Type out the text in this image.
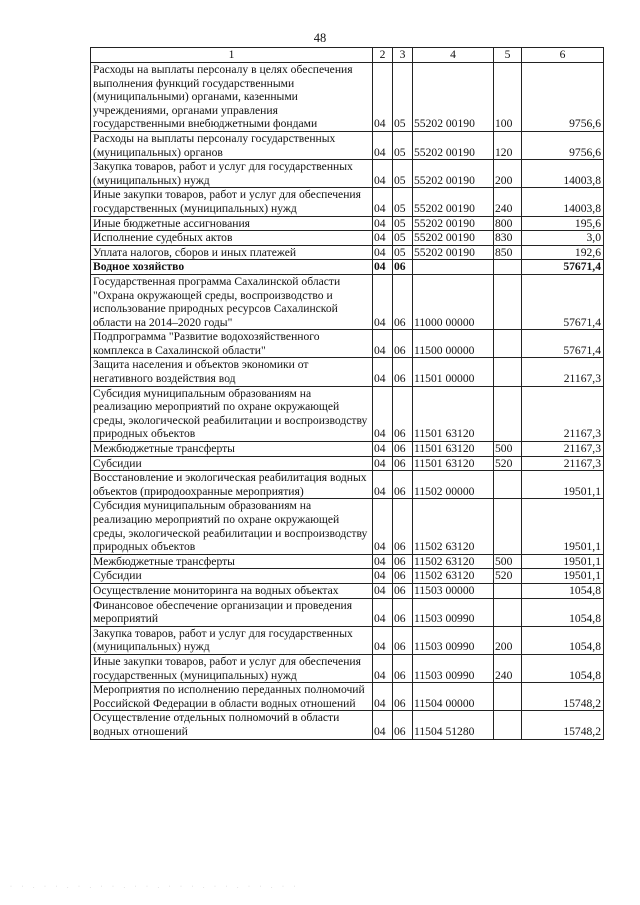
48
1	2	3	4	5	6
Расходы на выплаты персоналу в целях обеспечения выполнения функций государственными (муниципальными) органами, казенными учреждениями, органами управления государственными внебюджетными фондами	04	05	55202 00190	100	9756,6
Расходы на выплаты персоналу государственных (муниципальных) органов	04	05	55202 00190	120	9756,6
Закупка товаров, работ и услуг для государственных (муниципальных) нужд	04	05	55202 00190	200	14003,8
Иные закупки товаров, работ и услуг для обеспечения государственных (муниципальных) нужд	04	05	55202 00190	240	14003,8
Иные бюджетные ассигнования	04	05	55202 00190	800	195,6
Исполнение судебных актов	04	05	55202 00190	830	3,0
Уплата налогов, сборов и иных платежей	04	05	55202 00190	850	192,6
Водное хозяйство	04	06			57671,4
Государственная программа Сахалинской области "Охрана окружающей среды, воспроизводство и использование природных ресурсов Сахалинской области на 2014–2020 годы"	04	06	11000 00000		57671,4
Подпрограмма "Развитие водохозяйственного комплекса в Сахалинской области"	04	06	11500 00000		57671,4
Защита населения и объектов экономики от негативного воздействия вод	04	06	11501 00000		21167,3
Субсидия муниципальным образованиям на реализацию мероприятий по охране окружающей среды, экологической реабилитации и воспроизводству природных объектов	04	06	11501 63120		21167,3
Межбюджетные трансферты	04	06	11501 63120	500	21167,3
Субсидии	04	06	11501 63120	520	21167,3
Восстановление и экологическая реабилитация водных объектов (природоохранные мероприятия)	04	06	11502 00000		19501,1
Субсидия муниципальным образованиям на реализацию мероприятий по охране окружающей среды, экологической реабилитации и воспроизводству природных объектов	04	06	11502 63120		19501,1
Межбюджетные трансферты	04	06	11502 63120	500	19501,1
Субсидии	04	06	11502 63120	520	19501,1
Осуществление мониторинга на водных объектах	04	06	11503 00000		1054,8
Финансовое обеспечение организации и проведения мероприятий	04	06	11503 00990		1054,8
Закупка товаров, работ и услуг для государственных (муниципальных) нужд	04	06	11503 00990	200	1054,8
Иные закупки товаров, работ и услуг для обеспечения государственных (муниципальных) нужд	04	06	11503 00990	240	1054,8
Мероприятия по исполнению переданных полномочий Российской Федерации в области водных отношений	04	06	11504 00000		15748,2
Осуществление отдельных полномочий в области водных отношений	04	06	11504 51280		15748,2
· · . · · . · . · · . · · . · · · . · · . · · . · ·
